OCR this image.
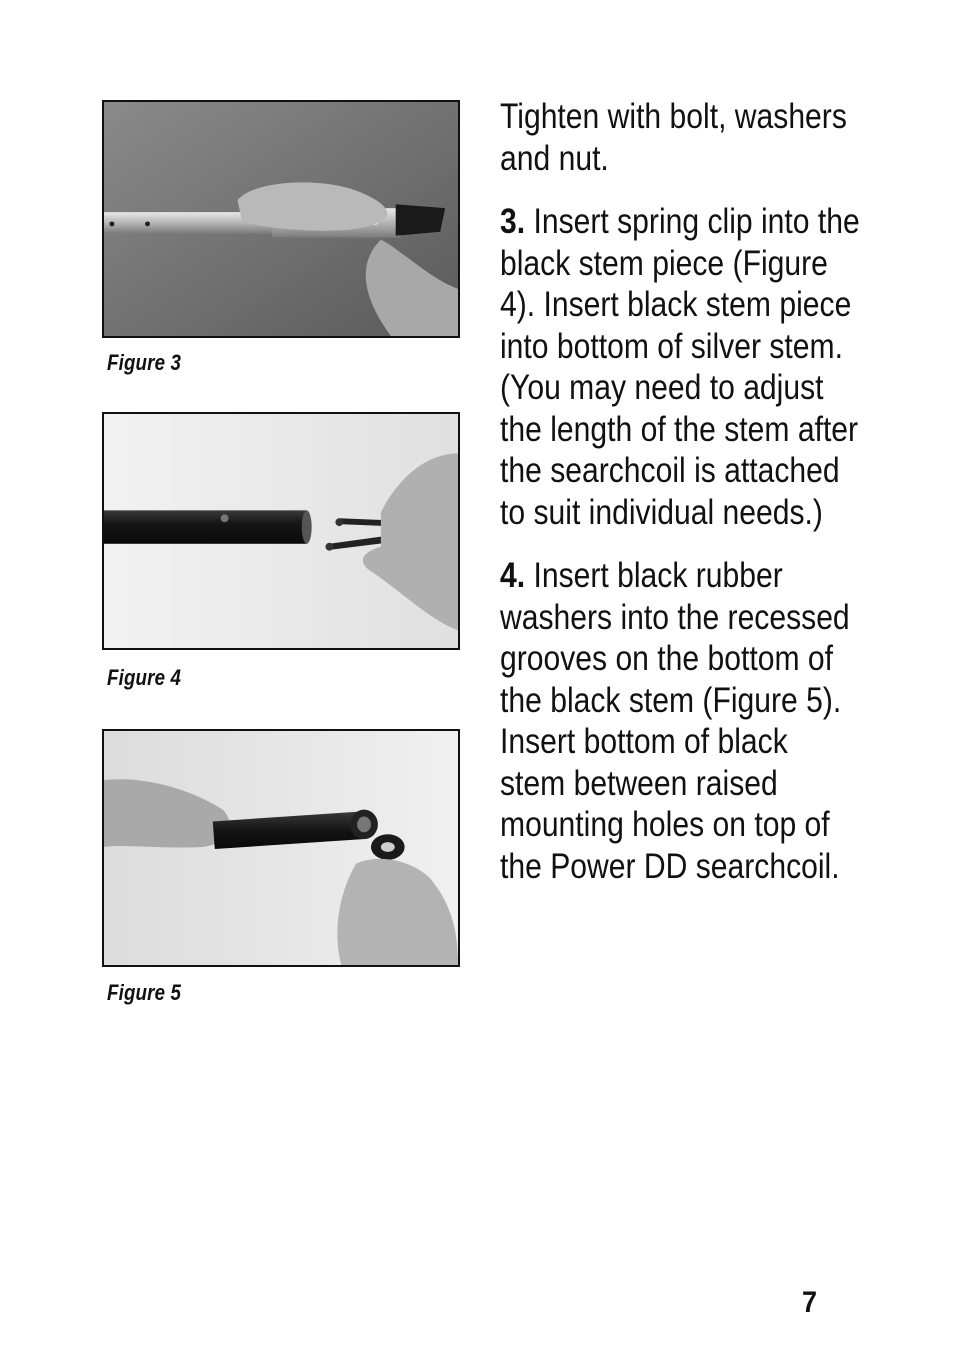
Figure 3
Figure 4
Figure 5

Tighten with bolt, washers and nut.

3. Insert spring clip into the black stem piece (Figure 4). Insert black stem piece into bottom of silver stem. (You may need to adjust the length of the stem after the searchcoil is attached to suit individual needs.)

4. Insert black rubber washers into the recessed grooves on the bottom of the black stem (Figure 5). Insert bottom of black stem between raised mounting holes on top of the Power DD searchcoil.

7
